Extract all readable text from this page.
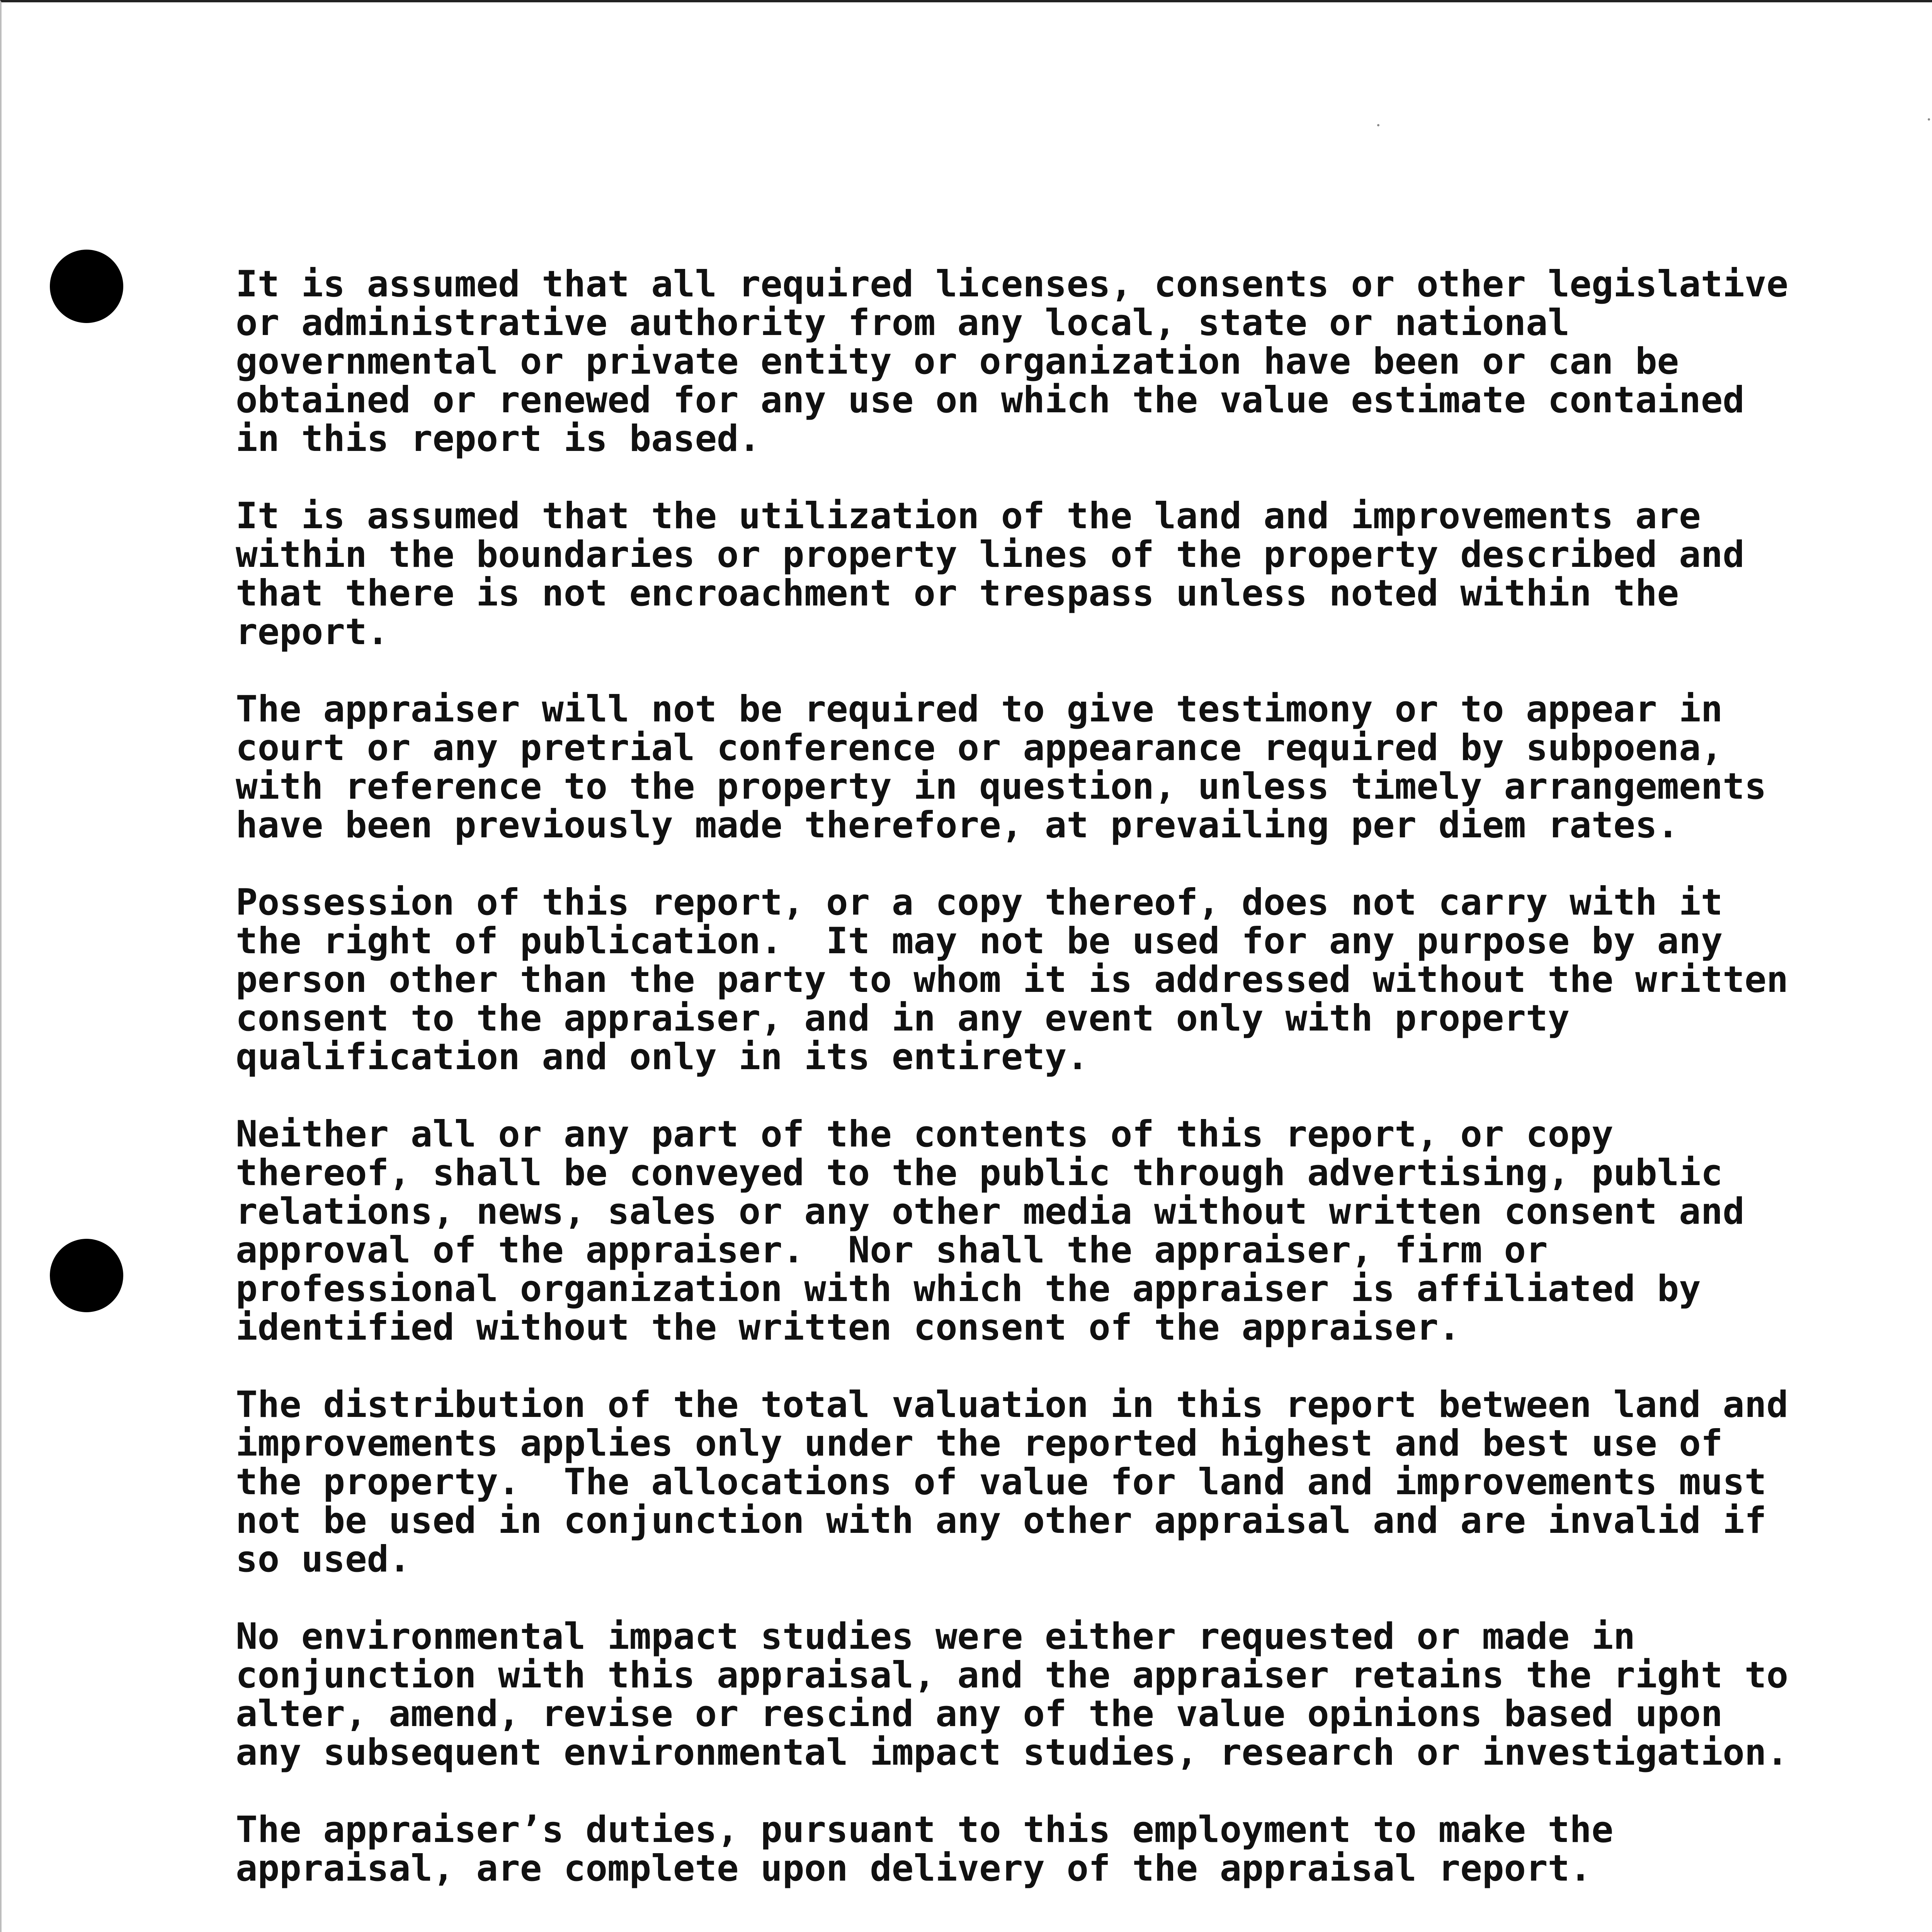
It is assumed that all required licenses, consents or other legislative
or administrative authority from any local, state or national
governmental or private entity or organization have been or can be
obtained or renewed for any use on which the value estimate contained
in this report is based.

It is assumed that the utilization of the land and improvements are
within the boundaries or property lines of the property described and
that there is not encroachment or trespass unless noted within the
report.

The appraiser will not be required to give testimony or to appear in
court or any pretrial conference or appearance required by subpoena,
with reference to the property in question, unless timely arrangements
have been previously made therefore, at prevailing per diem rates.

Possession of this report, or a copy thereof, does not carry with it
the right of publication.  It may not be used for any purpose by any
person other than the party to whom it is addressed without the written
consent to the appraiser, and in any event only with property
qualification and only in its entirety.

Neither all or any part of the contents of this report, or copy
thereof, shall be conveyed to the public through advertising, public
relations, news, sales or any other media without written consent and
approval of the appraiser.  Nor shall the appraiser, firm or
professional organization with which the appraiser is affiliated by
identified without the written consent of the appraiser.

The distribution of the total valuation in this report between land and
improvements applies only under the reported highest and best use of
the property.  The allocations of value for land and improvements must
not be used in conjunction with any other appraisal and are invalid if
so used.

No environmental impact studies were either requested or made in
conjunction with this appraisal, and the appraiser retains the right to
alter, amend, revise or rescind any of the value opinions based upon
any subsequent environmental impact studies, research or investigation.

The appraiser’s duties, pursuant to this employment to make the
appraisal, are complete upon delivery of the appraisal report.
